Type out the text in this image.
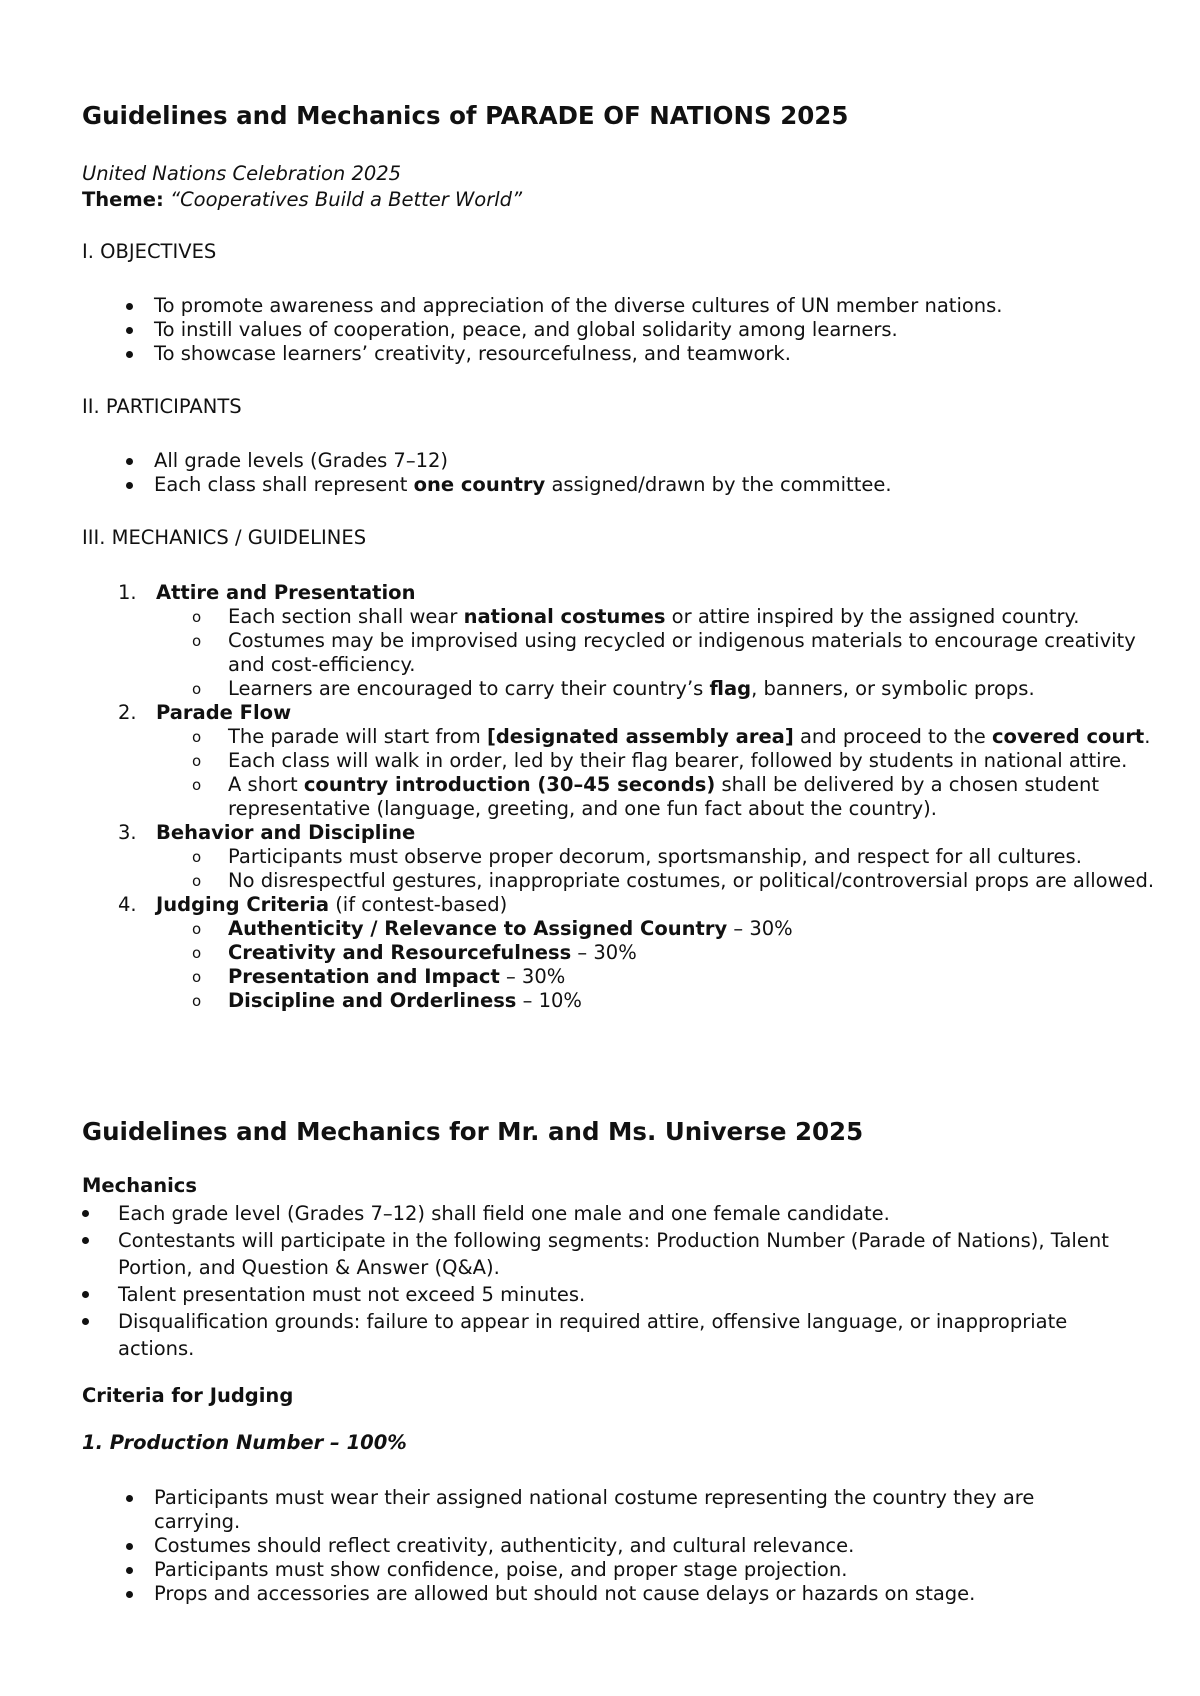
Guidelines and Mechanics of PARADE OF NATIONS 2025
United Nations Celebration 2025
Theme: “Cooperatives Build a Better World”
I. OBJECTIVES
To promote awareness and appreciation of the diverse cultures of UN member nations.
To instill values of cooperation, peace, and global solidarity among learners.
To showcase learners’ creativity, resourcefulness, and teamwork.
II. PARTICIPANTS
All grade levels (Grades 7–12)
Each class shall represent one country assigned/drawn by the committee.
III. MECHANICS / GUIDELINES
1. Attire and Presentation
o Each section shall wear national costumes or attire inspired by the assigned country.
o Costumes may be improvised using recycled or indigenous materials to encourage creativity and cost-efficiency.
o Learners are encouraged to carry their country’s flag, banners, or symbolic props.
2. Parade Flow
o The parade will start from [designated assembly area] and proceed to the covered court.
o Each class will walk in order, led by their flag bearer, followed by students in national attire.
o A short country introduction (30–45 seconds) shall be delivered by a chosen student representative (language, greeting, and one fun fact about the country).
3. Behavior and Discipline
o Participants must observe proper decorum, sportsmanship, and respect for all cultures.
o No disrespectful gestures, inappropriate costumes, or political/controversial props are allowed.
4. Judging Criteria (if contest-based)
o Authenticity / Relevance to Assigned Country – 30%
o Creativity and Resourcefulness – 30%
o Presentation and Impact – 30%
o Discipline and Orderliness – 10%
Guidelines and Mechanics for Mr. and Ms. Universe 2025
Mechanics
Each grade level (Grades 7–12) shall field one male and one female candidate.
Contestants will participate in the following segments: Production Number (Parade of Nations), Talent Portion, and Question & Answer (Q&A).
Talent presentation must not exceed 5 minutes.
Disqualification grounds: failure to appear in required attire, offensive language, or inappropriate actions.
Criteria for Judging
1. Production Number – 100%
Participants must wear their assigned national costume representing the country they are carrying.
Costumes should reflect creativity, authenticity, and cultural relevance.
Participants must show confidence, poise, and proper stage projection.
Props and accessories are allowed but should not cause delays or hazards on stage.
